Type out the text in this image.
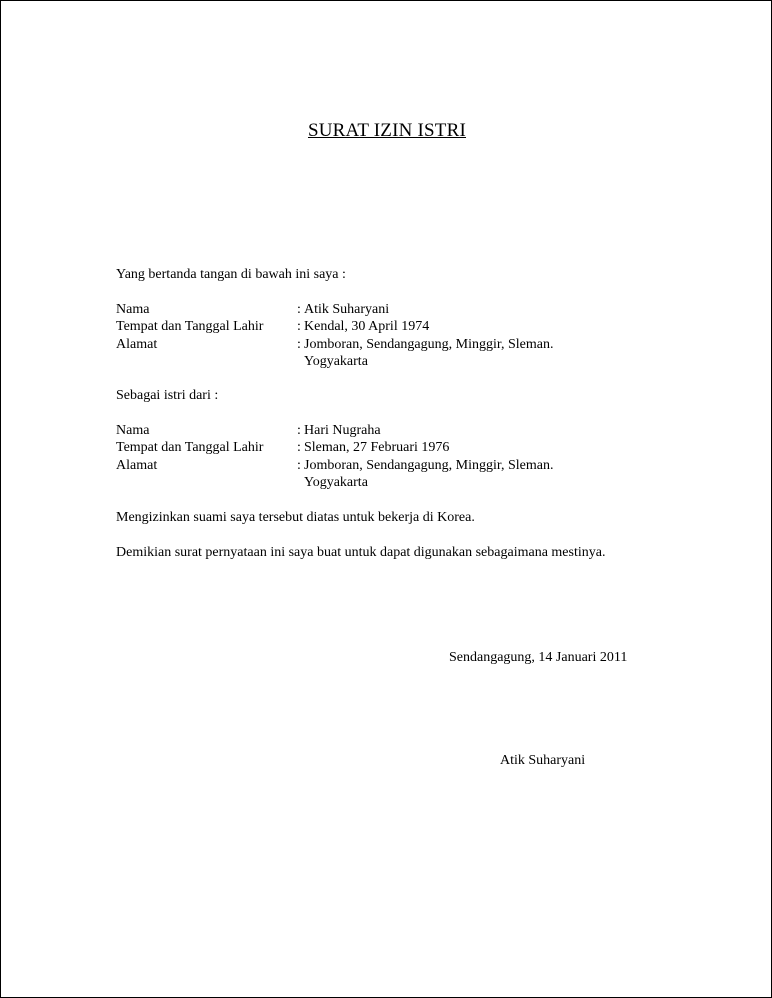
SURAT IZIN ISTRI
Yang bertanda tangan di bawah ini saya :
Nama	: Atik Suharyani
Tempat dan Tanggal Lahir : Kendal, 30 April 1974
Alamat	: Jomboran, Sendangagung, Minggir, Sleman.
Yogyakarta
Sebagai istri dari :
Nama	: Hari Nugraha
Tempat dan Tanggal Lahir : Sleman, 27 Februari 1976
Alamat	: Jomboran, Sendangagung, Minggir, Sleman.
Yogyakarta
Mengizinkan suami saya tersebut diatas untuk bekerja di Korea.
Demikian surat pernyataan ini saya buat untuk dapat digunakan sebagaimana mestinya.
Sendangagung, 14 Januari 2011
Atik Suharyani
